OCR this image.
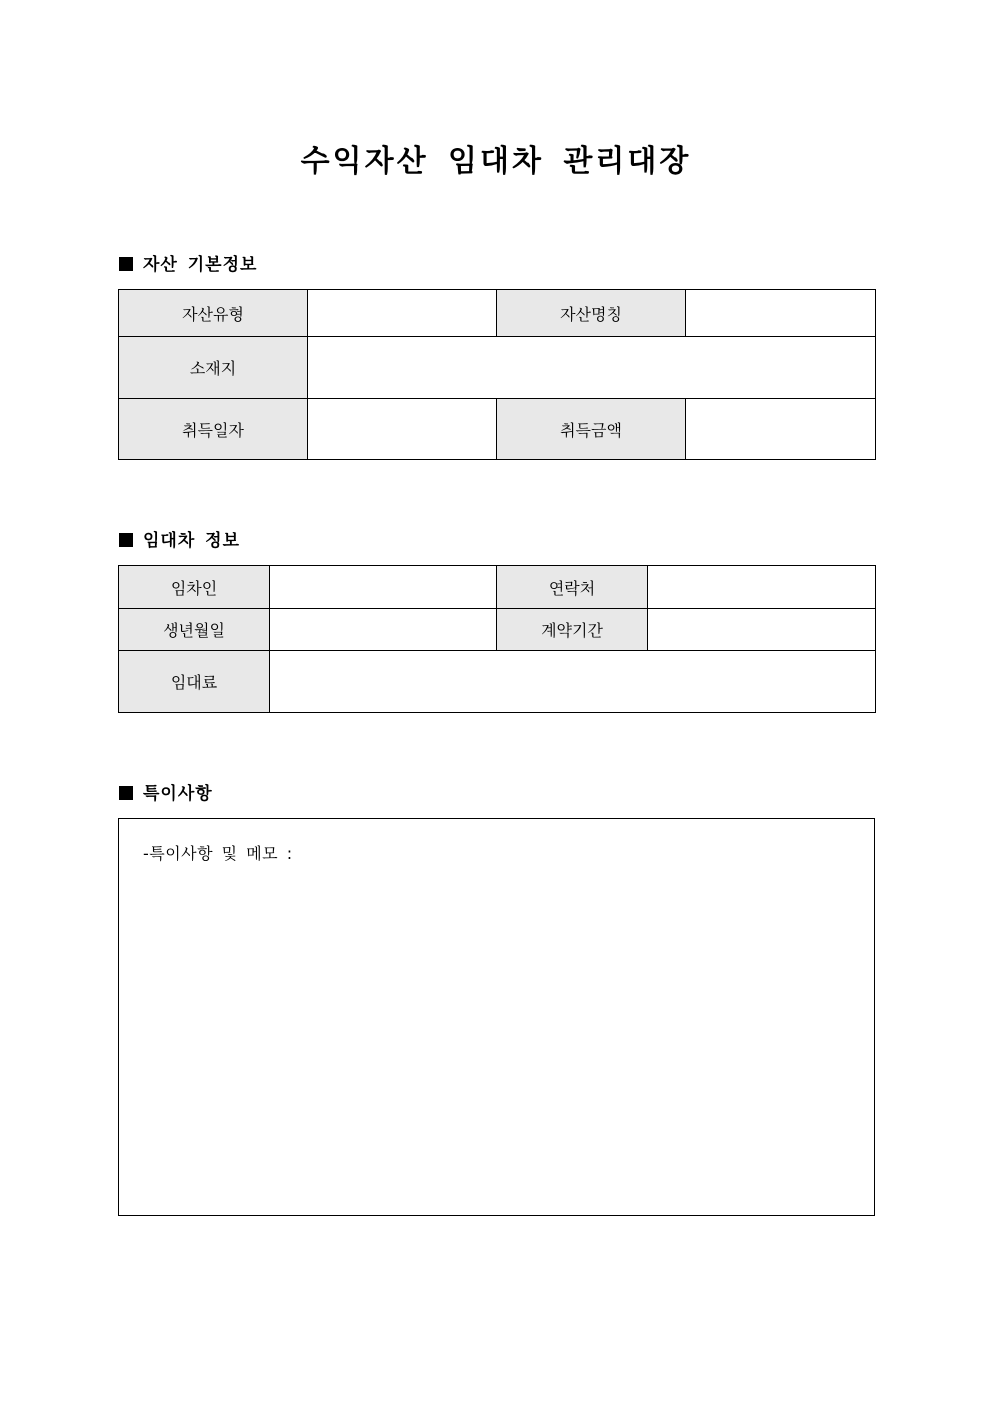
수익자산 임대차 관리대장
자산 기본정보
자산유형		자산명칭	
소재지			
취득일자		취득금액	
임대차 정보
임차인		연락처	
생년월일		계약기간	
임대료			
특이사항
-특이사항 및 메모 :
